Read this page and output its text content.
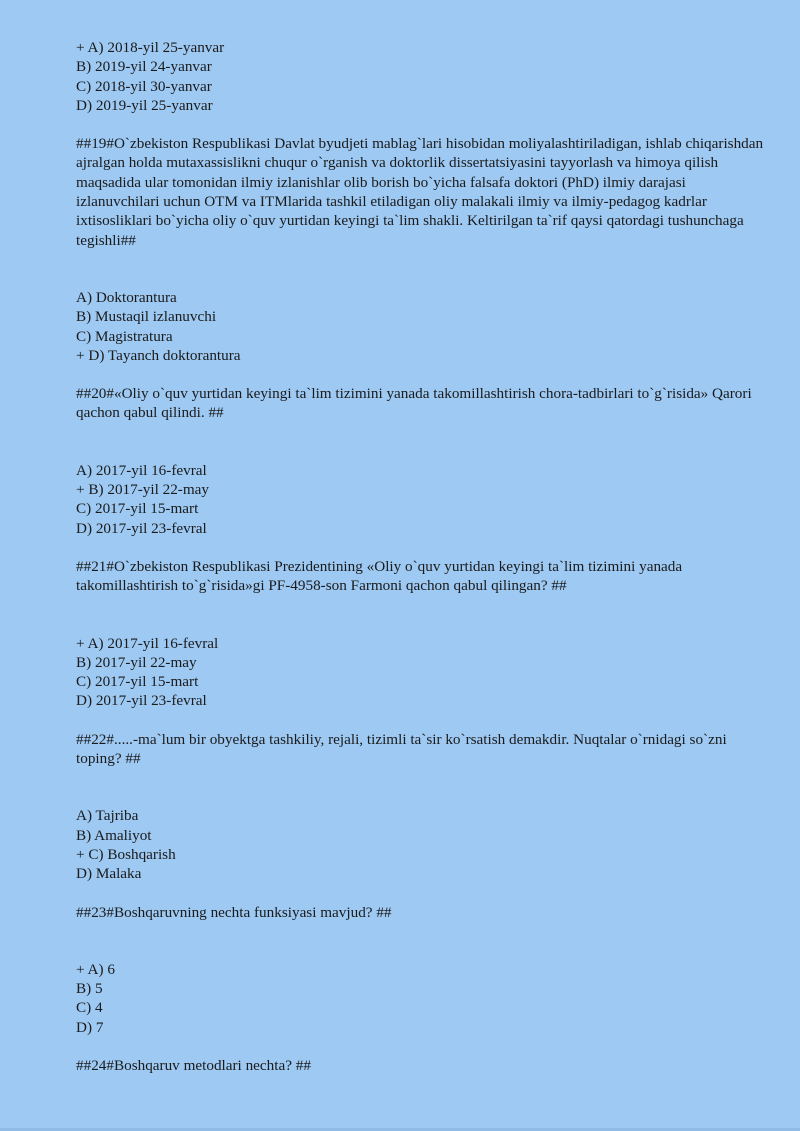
+ A) 2018-yil 25-yanvar
B) 2019-yil 24-yanvar
C) 2018-yil 30-yanvar
D) 2019-yil 25-yanvar
##19#O`zbekiston Respublikasi Davlat byudjeti mablag`lari hisobidan moliyalashtiriladigan, ishlab chiqarishdan ajralgan holda mutaxassislikni chuqur o`rganish va doktorlik dissertatsiyasini tayyorlash va himoya qilish maqsadida ular tomonidan ilmiy izlanishlar olib borish bo`yicha falsafa doktori (PhD) ilmiy darajasi izlanuvchilari uchun OTM va ITMlarida tashkil etiladigan oliy malakali ilmiy va ilmiy-pedagog kadrlar ixtisosliklari bo`yicha oliy o`quv yurtidan keyingi ta`lim shakli. Keltirilgan ta`rif qaysi qatordagi tushunchaga tegishli##
A) Doktorantura
B) Mustaqil izlanuvchi
C) Magistratura
+ D) Tayanch doktorantura
##20#«Oliy o`quv yurtidan keyingi ta`lim tizimini yanada takomillashtirish chora-tadbirlari to`g`risida» Qarori qachon qabul qilindi. ##
A) 2017-yil 16-fevral
+ B) 2017-yil 22-may
C) 2017-yil 15-mart
D) 2017-yil 23-fevral
##21#O`zbekiston Respublikasi Prezidentining «Oliy o`quv yurtidan keyingi ta`lim tizimini yanada takomillashtirish to`g`risida»gi PF-4958-son Farmoni qachon qabul qilingan? ##
+ A) 2017-yil 16-fevral
B) 2017-yil 22-may
C) 2017-yil 15-mart
D) 2017-yil 23-fevral
##22#.....-ma`lum bir obyektga tashkiliy, rejali, tizimli ta`sir ko`rsatish demakdir. Nuqtalar o`rnidagi so`zni toping? ##
A) Tajriba
B) Amaliyot
+ C) Boshqarish
D) Malaka
##23#Boshqaruvning nechta funksiyasi mavjud? ##
+ A) 6
B) 5
C) 4
D) 7
##24#Boshqaruv metodlari nechta? ##
